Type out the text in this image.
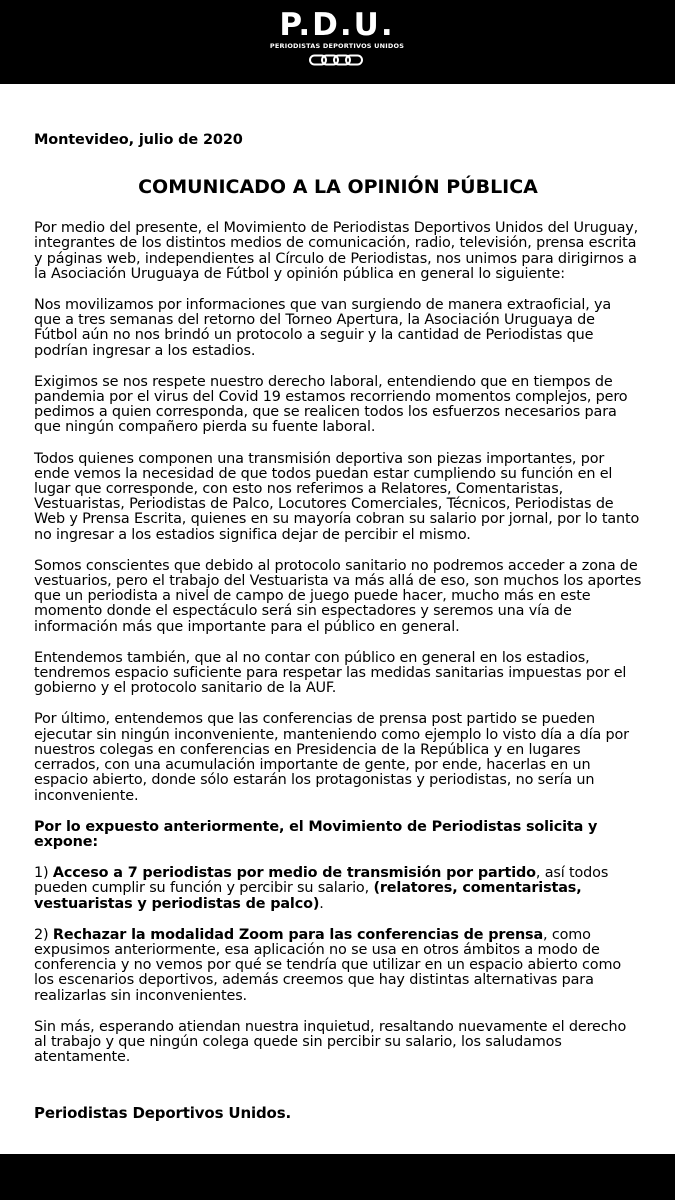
P.D.U.
PERIODISTAS DEPORTIVOS UNIDOS
Montevideo, julio de 2020
COMUNICADO A LA OPINIÓN PÚBLICA

Por medio del presente, el Movimiento de Periodistas Deportivos Unidos del Uruguay, integrantes de los distintos medios de comunicación, radio, televisión, prensa escrita y páginas web, independientes al Círculo de Periodistas, nos unimos para dirigirnos a la Asociación Uruguaya de Fútbol y opinión pública en general lo siguiente:

Nos movilizamos por informaciones que van surgiendo de manera extraoficial, ya que a tres semanas del retorno del Torneo Apertura, la Asociación Uruguaya de Fútbol aún no nos brindó un protocolo a seguir y la cantidad de Periodistas que podrían ingresar a los estadios.

Exigimos se nos respete nuestro derecho laboral, entendiendo que en tiempos de pandemia por el virus del Covid 19 estamos recorriendo momentos complejos, pero pedimos a quien corresponda, que se realicen todos los esfuerzos necesarios para que ningún compañero pierda su fuente laboral.

Todos quienes componen una transmisión deportiva son piezas importantes, por ende vemos la necesidad de que todos puedan estar cumpliendo su función en el lugar que corresponde, con esto nos referimos a Relatores, Comentaristas, Vestuaristas, Periodistas de Palco, Locutores Comerciales, Técnicos, Periodistas de Web y Prensa Escrita, quienes en su mayoría cobran su salario por jornal, por lo tanto no ingresar a los estadios significa dejar de percibir el mismo.

Somos conscientes que debido al protocolo sanitario no podremos acceder a zona de vestuarios, pero el trabajo del Vestuarista va más allá de eso, son muchos los aportes que un periodista a nivel de campo de juego puede hacer, mucho más en este momento donde el espectáculo será sin espectadores y seremos una vía de información más que importante para el público en general.

Entendemos también, que al no contar con público en general en los estadios, tendremos espacio suficiente para respetar las medidas sanitarias impuestas por el gobierno y el protocolo sanitario de la AUF.

Por último, entendemos que las conferencias de prensa post partido se pueden ejecutar sin ningún inconveniente, manteniendo como ejemplo lo visto día a día por nuestros colegas en conferencias en Presidencia de la República y en lugares cerrados, con una acumulación importante de gente, por ende, hacerlas en un espacio abierto, donde sólo estarán los protagonistas y periodistas, no sería un inconveniente.

Por lo expuesto anteriormente, el Movimiento de Periodistas solicita y expone:

1) Acceso a 7 periodistas por medio de transmisión por partido, así todos pueden cumplir su función y percibir su salario, (relatores, comentaristas, vestuaristas y periodistas de palco).

2) Rechazar la modalidad Zoom para las conferencias de prensa, como expusimos anteriormente, esa aplicación no se usa en otros ámbitos a modo de conferencia y no vemos por qué se tendría que utilizar en un espacio abierto como los escenarios deportivos, además creemos que hay distintas alternativas para realizarlas sin inconvenientes.

Sin más, esperando atiendan nuestra inquietud, resaltando nuevamente el derecho al trabajo y que ningún colega quede sin percibir su salario, los saludamos atentamente.

Periodistas Deportivos Unidos.
